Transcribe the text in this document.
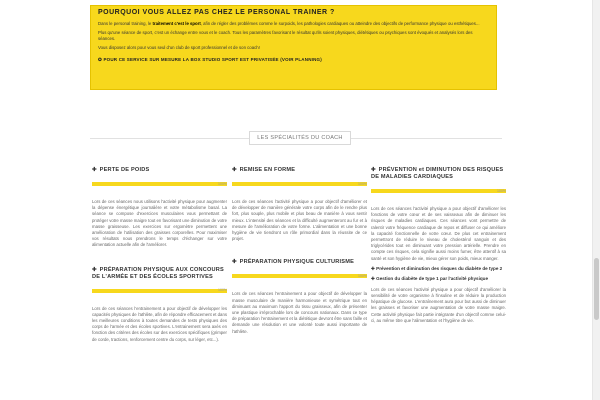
POURQUOI VOUS ALLEZ PAS CHEZ LE PERSONAL TRAINER ?

Dans le personal training, le traitement c'est le sport, afin de régler des problèmes comme le surpoids, les pathologies cardiaques ou atteindre des objectifs de performance physique ou esthétiques...

Plus qu'une séance de sport, c'est un échange entre vous et le coach. Tous les paramètres favorisant le résultat qu'ils soient physiques, diététiques ou psychiques sont évoqués et analysés lors des séances.

Vous disposez alors pour vous seul d'un club de sport professionnel et de son coach!

✪ POUR CE SERVICE SUR MESURE LA BOX STUDIO SPORT EST PRIVATISÉE (VOIR PLANNING)
LES SPÉCIALITÉS DU COACH
✚ PERTE DE POIDS
100%
Lors de ces séances nous utilisons l'activité physique pour augmenter la dépense énergétique journalière et votre métabolisme basal. La séance se compose d'exercices musculaires vous permettant de protéger votre masse maigre tout en favorisant une diminution de votre masse graisseuse. Les exercices sur ergomètre permettent une amélioration de l'utilisation des graisses corporelles. Pour maximiser vos résultats nous prendrons le temps d'échanger sur votre alimentation actuelle afin de l'améliorer.
✚ PRÉPARATION PHYSIQUE AUX CONCOURS DE L'ARMÉE ET DES ÉCOLES SPORTIVES
100%
Lors de ces séances l'entrainement a pour objectif de développer les capacités physiques de l'athlète, afin de répondre efficacement et dans les meilleures conditions à toutes demandes de tests physiques des corps de l'armée et des écoles sportives. L'entrainement sera axés en fonction des critères des écoles sur des exercices spécifiques (grimper de corde, tractions, renforcement centre du corps, sur léger, etc...).
✚ REMISE EN FORME
100%
Lors de ces séances l'activité physique a pour objectif d'améliorer et de développer de manière générale votre corps afin de le rendre plus fort, plus souple, plus mobile et plus beau de manière à vous sentir mieux. L'intensité des séances et la difficulté augmenteront au fur et à mesure de l'amélioration de votre forme. L'alimentation et une bonne hygiène de vie tiendront un rôle primordial dans la réussite de ce projet.
✚ PRÉPARATION PHYSIQUE CULTURISME
100%
Lors de ces séances l'entrainement a pour objectif de développer la masse musculaire de manière harmonieuse et symétrique tout en diminuant au maximum l'apport du tissu graisseux, afin de présenter une plastique irréprochable lors de concours nationaux. Dans ce type de préparation l'entrainement et la diététique devront être sans faille et demande une résolution et une volonté toute aussi importante de l'athlète.
✚ PRÉVENTION et DIMINUTION DES RISQUES DE MALADIES CARDIAQUES
100%
Lors de ces séances l'activité physique a pour objectif d'améliorer les fonctions de votre cœur et de ses vaisseaux afin de diminuer les risques de maladies cardiaques. Ces séances vont permettre de ralentir votre fréquence cardiaque de repos et diffuser ce qui améliore la capacité fonctionnelle de votre cœur. De plus cet entrainement permettront de réduire le niveau de cholestérol sanguin et des triglycérides tout en diminuant votre pression artérielle. Prendre en compte ces risques, cela signifie aussi moins fumer, être attentif à sa santé et son hygiène de vie, mieux gérer son poids, mieux manger.
✚ Prévention et diminution des risques du diabète de type 2
✚ Gestion du diabète de type 1 par l'activité physique
Lors de ces séances l'activité physique a pour objectif d'améliorer la sensibilité de votre organisme à l'insuline et de réduire la production hépatique de glucose. L'entraînement aura pour but aussi de diminuer les graisses et favoriser une augmentation de votre masse maigre. Cette activité physique fait partie intégrante d'un objectif comme celui-ci, au même titre que l'alimentation et l'hygiène de vie.
